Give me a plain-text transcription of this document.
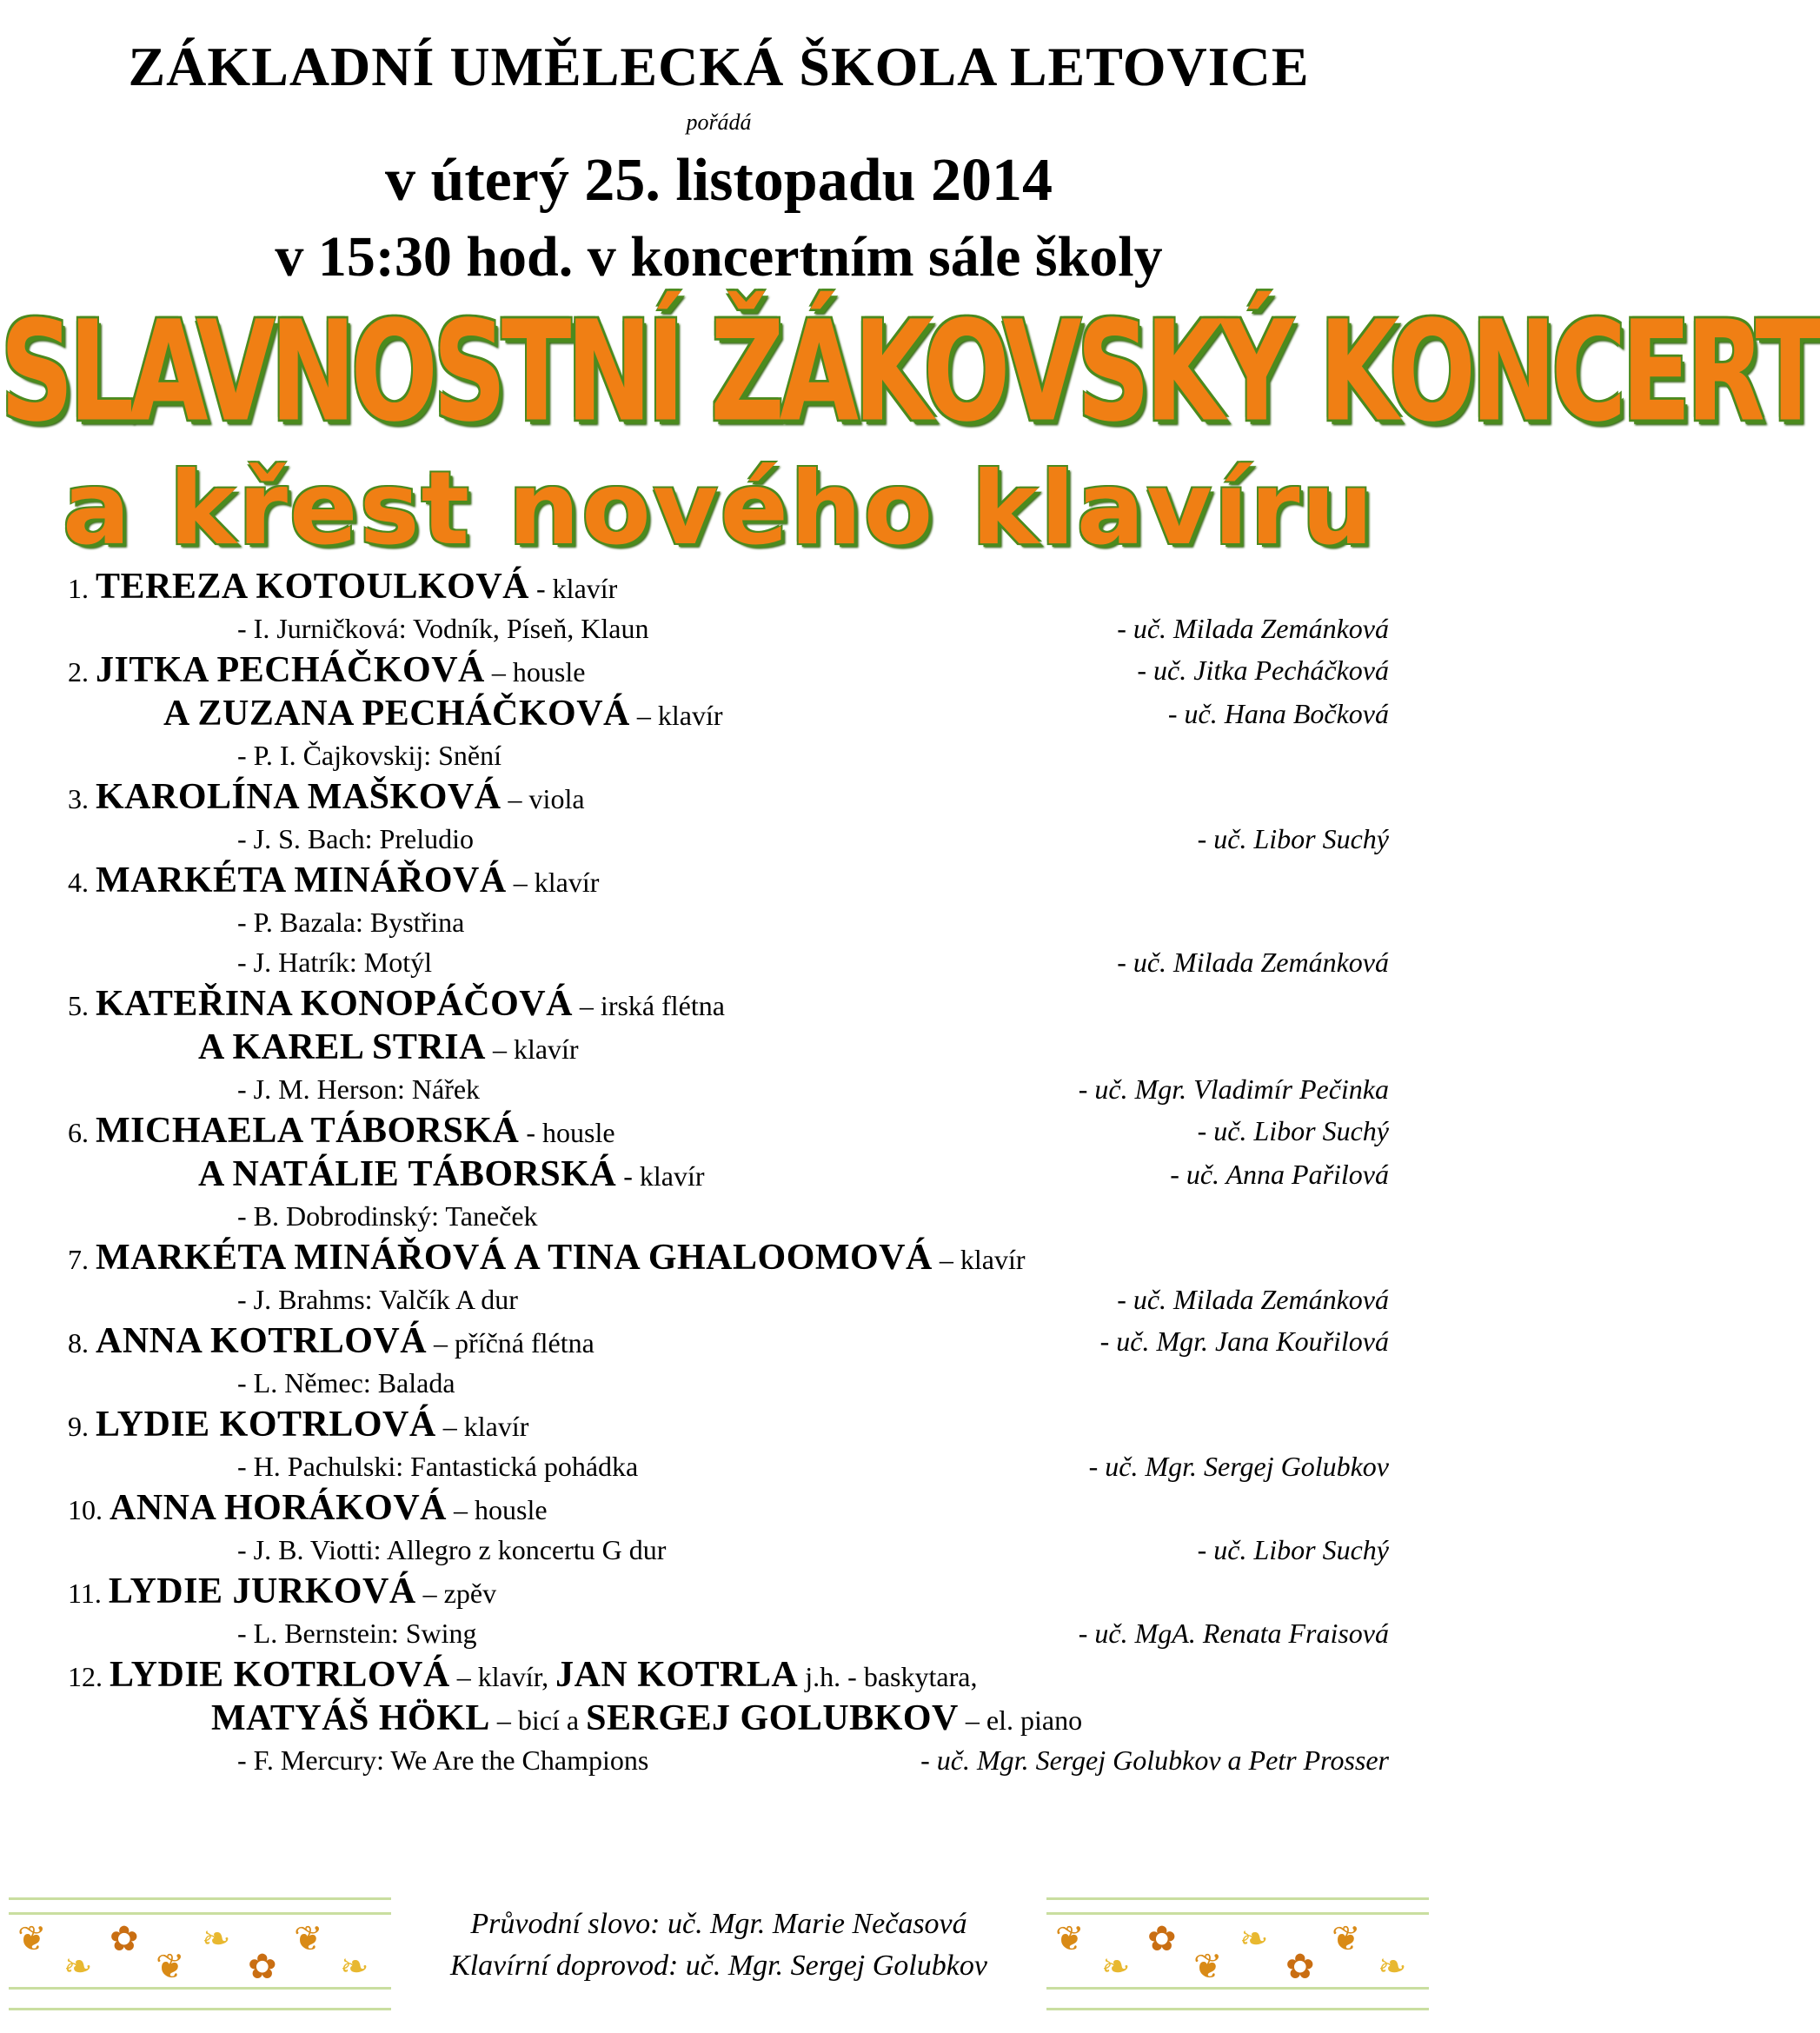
ZÁKLADNÍ UMĚLECKÁ ŠKOLA LETOVICE
pořádá
v úterý 25. listopadu 2014
v 15:30 hod. v koncertním sále školy
SLAVNOSTNÍ ŽÁKOVSKÝ KONCERT
a křest nového klavíru
1. TEREZA KOTOULKOVÁ - klavír
- I. Jurničková: Vodník, Píseň, Klaun	- uč. Milada Zemánková
2. JITKA PECHÁČKOVÁ – housle	- uč. Jitka Pecháčková
A ZUZANA PECHÁČKOVÁ – klavír	- uč. Hana Bočková
- P. I. Čajkovskij: Snění
3. KAROLÍNA MAŠKOVÁ – viola
- J. S. Bach: Preludio	- uč. Libor Suchý
4. MARKÉTA MINÁŘOVÁ – klavír
- P. Bazala: Bystřina
- J. Hatrík: Motýl	- uč. Milada Zemánková
5. KATEŘINA KONOPÁČOVÁ – irská flétna
A KAREL STRIA – klavír
- J. M. Herson: Nářek	- uč. Mgr. Vladimír Pečinka
6. MICHAELA TÁBORSKÁ - housle	- uč. Libor Suchý
A NATÁLIE TÁBORSKÁ - klavír	- uč. Anna Pařilová
- B. Dobrodinský: Taneček
7. MARKÉTA MINÁŘOVÁ A TINA GHALOOMOVÁ – klavír
- J. Brahms: Valčík A dur	- uč. Milada Zemánková
8. ANNA KOTRLOVÁ – příčná flétna	- uč. Mgr. Jana Kouřilová
- L. Němec: Balada
9. LYDIE KOTRLOVÁ – klavír
- H. Pachulski: Fantastická pohádka	- uč. Mgr. Sergej Golubkov
10. ANNA HORÁKOVÁ – housle
- J. B. Viotti: Allegro z koncertu G dur	- uč. Libor Suchý
11. LYDIE JURKOVÁ – zpěv
- L. Bernstein: Swing	- uč. MgA. Renata Fraisová
12. LYDIE KOTRLOVÁ – klavír, JAN KOTRLA j.h. - baskytara,
MATYÁŠ HÖKL – bicí a SERGEJ GOLUBKOV – el. piano
- F. Mercury: We Are the Champions	- uč. Mgr. Sergej Golubkov a Petr Prosser
❦
❧
✿
❦
❧
✿
❦
❧
❦
❧
✿
❦
❧
✿
❦
❧
Průvodní slovo: uč. Mgr. Marie Nečasová
Klavírní doprovod: uč. Mgr. Sergej Golubkov
